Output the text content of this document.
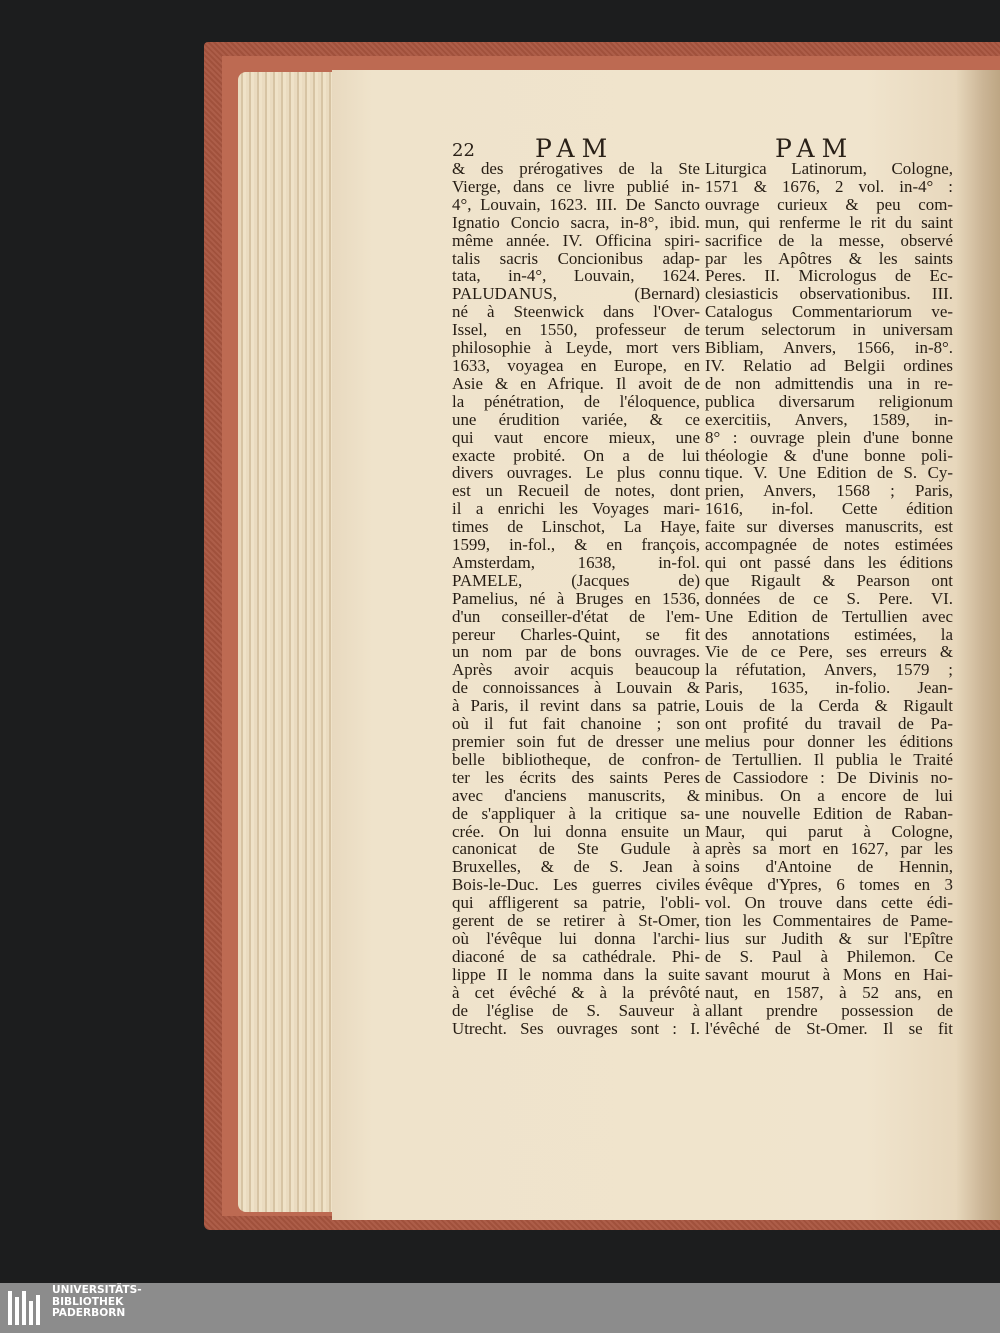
22 PAM	PAM

& des prérogatives de la Ste

Vierge, dans ce livre publié in-

4°, Louvain, 1623. III. De Sancto

Ignatio Concio sacra, in-8°, ibid.

même année. IV. Officina spiri-

talis sacris Concionibus adap-

tata, in-4°, Louvain, 1624.

PALUDANUS, (Bernard)

né à Steenwick dans l'Over-

Issel, en 1550, professeur de

philosophie à Leyde, mort vers

1633, voyagea en Europe, en

Asie & en Afrique. Il avoit de

la pénétration, de l'éloquence,

une érudition variée, & ce

qui vaut encore mieux, une

exacte probité. On a de lui

divers ouvrages. Le plus connu

est un Recueil de notes, dont

il a enrichi les Voyages mari-

times de Linschot, La Haye,

1599, in-fol., & en françois,

Amsterdam, 1638, in-fol.

PAMELE, (Jacques de)

Pamelius, né à Bruges en 1536,

d'un conseiller-d'état de l'em-

pereur Charles-Quint, se fit

un nom par de bons ouvrages.

Après avoir acquis beaucoup

de connoissances à Louvain &

à Paris, il revint dans sa patrie,

où il fut fait chanoine ; son

premier soin fut de dresser une

belle bibliotheque, de confron-

ter les écrits des saints Peres

avec d'anciens manuscrits, &

de s'appliquer à la critique sa-

crée. On lui donna ensuite un

canonicat de Ste Gudule à

Bruxelles, & de S. Jean à

Bois-le-Duc. Les guerres civiles

qui affligerent sa patrie, l'obli-

gerent de se retirer à St-Omer,

où l'évêque lui donna l'archi-

diaconé de sa cathédrale. Phi-

lippe II le nomma dans la suite

à cet évêché & à la prévôté

de l'église de S. Sauveur à

Utrecht. Ses ouvrages sont : I.

Liturgica Latinorum, Cologne,

1571 & 1676, 2 vol. in-4° :

ouvrage curieux & peu com-

mun, qui renferme le rit du saint

sacrifice de la messe, observé

par les Apôtres & les saints

Peres. II. Micrologus de Ec-

clesiasticis observationibus. III.

Catalogus Commentariorum ve-

terum selectorum in universam

Bibliam, Anvers, 1566, in-8°.

IV. Relatio ad Belgii ordines

de non admittendis una in re-

publica diversarum religionum

exercitiis, Anvers, 1589, in-

8° : ouvrage plein d'une bonne

théologie & d'une bonne poli-

tique. V. Une Edition de S. Cy-

prien, Anvers, 1568 ; Paris,

1616, in-fol. Cette édition

faite sur diverses manuscrits, est

accompagnée de notes estimées

qui ont passé dans les éditions

que Rigault & Pearson ont

données de ce S. Pere. VI.

Une Edition de Tertullien avec

des annotations estimées, la

Vie de ce Pere, ses erreurs &

la réfutation, Anvers, 1579 ;

Paris, 1635, in-folio. Jean-

Louis de la Cerda & Rigault

ont profité du travail de Pa-

melius pour donner les éditions

de Tertullien. Il publia le Traité

de Cassiodore : De Divinis no-

minibus. On a encore de lui

une nouvelle Edition de Raban-

Maur, qui parut à Cologne,

après sa mort en 1627, par les

soins d'Antoine de Hennin,

évêque d'Ypres, 6 tomes en 3

vol. On trouve dans cette édi-

tion les Commentaires de Pame-

lius sur Judith & sur l'Epître

de S. Paul à Philemon. Ce

savant mourut à Mons en Hai-

naut, en 1587, à 52 ans, en

allant prendre possession de

l'évêché de St-Omer. Il se fit

UNIVERSITÄTS-
BIBLIOTHEK
PADERBORN
